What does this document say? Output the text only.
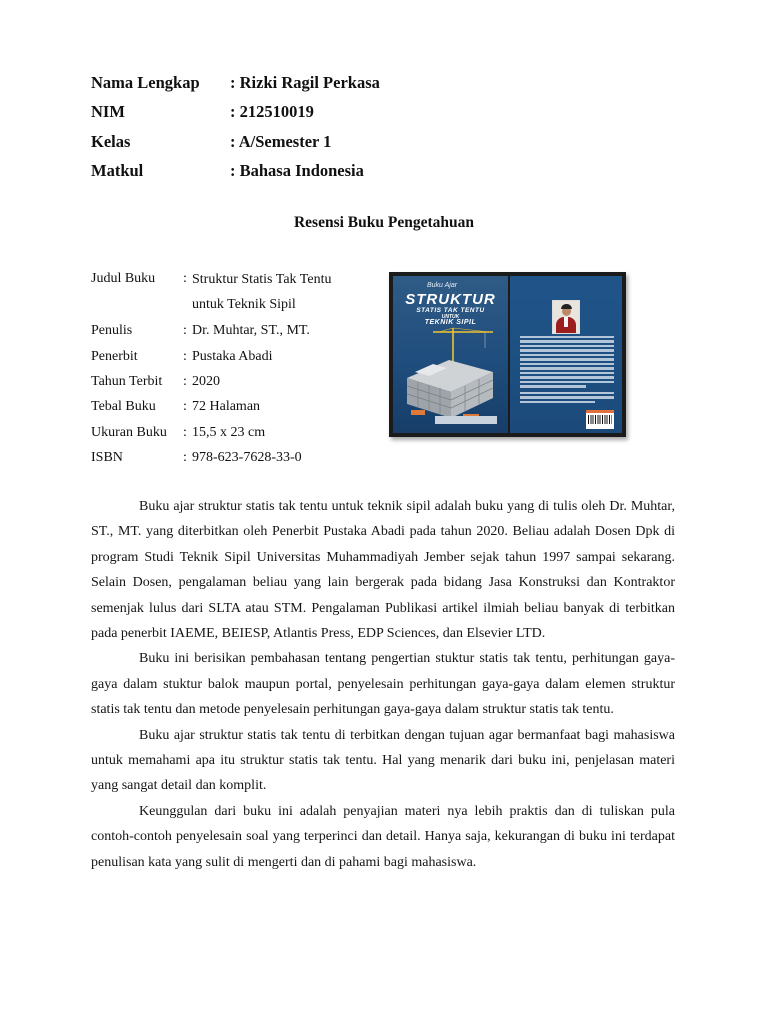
Nama Lengkap	: Rizki Ragil Perkasa
NIM	: 212510019
Kelas	: A/Semester 1
Matkul	: Bahasa Indonesia
Resensi Buku Pengetahuan
Judul Buku	: Struktur Statis Tak Tentu untuk Teknik Sipil
Penulis	: Dr. Muhtar, ST., MT.
Penerbit	: Pustaka Abadi
Tahun Terbit	: 2020
Tebal Buku	: 72 Halaman
Ukuran Buku	: 15,5 x 23 cm
ISBN	: 978-623-7628-33-0
Buku Ajar
STRUKTUR
STATIS TAK TENTU
UNTUK
TEKNIK SIPIL

Buku ajar struktur statis tak tentu untuk teknik sipil adalah buku yang di tulis oleh Dr. Muhtar, ST., MT. yang diterbitkan oleh Penerbit Pustaka Abadi pada tahun 2020. Beliau adalah Dosen Dpk di program Studi Teknik Sipil Universitas Muhammadiyah Jember sejak tahun 1997 sampai sekarang. Selain Dosen, pengalaman beliau yang lain bergerak pada bidang Jasa Konstruksi dan Kontraktor semenjak lulus dari SLTA atau STM. Pengalaman Publikasi artikel ilmiah beliau banyak di terbitkan pada penerbit IAEME, BEIESP, Atlantis Press, EDP Sciences, dan Elsevier LTD.

Buku ini berisikan pembahasan tentang pengertian stuktur statis tak tentu, perhitungan gaya-gaya dalam stuktur balok maupun portal, penyelesain perhitungan gaya-gaya dalam elemen struktur statis tak tentu dan metode penyelesain perhitungan gaya-gaya dalam struktur statis tak tentu.

Buku ajar struktur statis tak tentu di terbitkan dengan tujuan agar bermanfaat bagi mahasiswa untuk memahami apa itu struktur statis tak tentu. Hal yang menarik dari buku ini, penjelasan materi yang sangat detail dan komplit.

Keunggulan dari buku ini adalah penyajian materi nya lebih praktis dan di tuliskan pula contoh-contoh penyelesain soal yang terperinci dan detail. Hanya saja, kekurangan di buku ini terdapat penulisan kata yang sulit di mengerti dan di pahami bagi mahasiswa.
